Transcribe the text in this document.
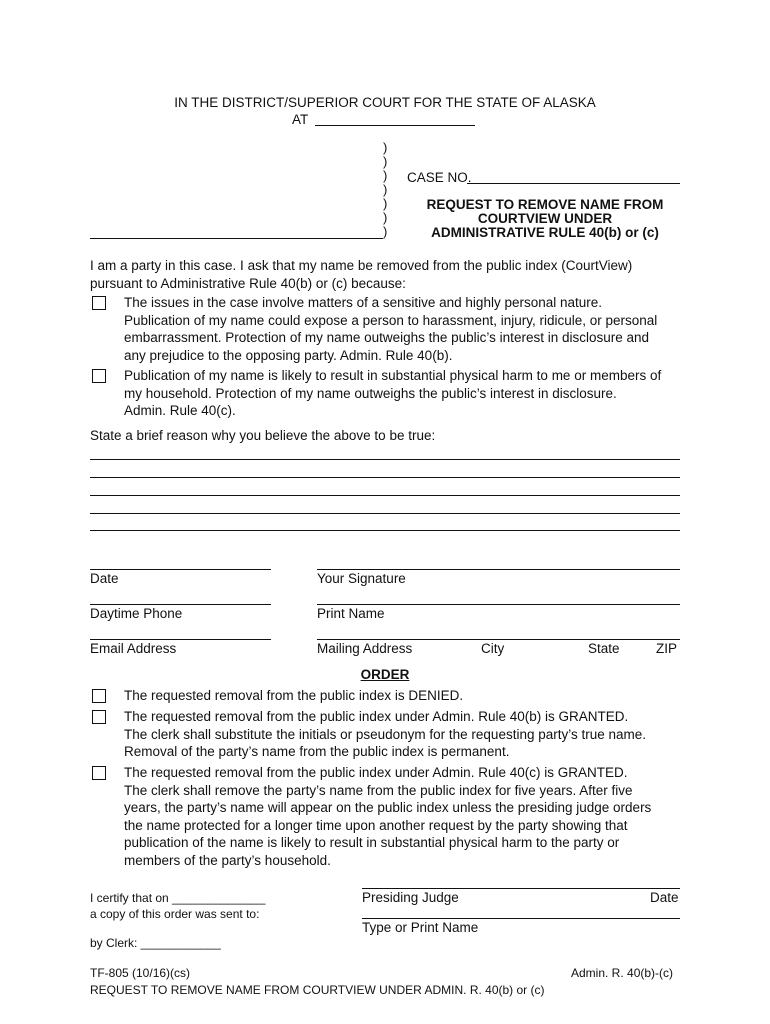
IN THE DISTRICT/SUPERIOR COURT FOR THE STATE OF ALASKA
AT
)
)
)
)
)
)
)
CASE NO.
REQUEST TO REMOVE NAME FROM
COURTVIEW UNDER
ADMINISTRATIVE RULE 40(b) or (c)
I am a party in this case. I ask that my name be removed from the public index (CourtView)
pursuant to Administrative Rule 40(b) or (c) because:
The issues in the case involve matters of a sensitive and highly personal nature.
Publication of my name could expose a person to harassment, injury, ridicule, or personal
embarrassment. Protection of my name outweighs the public’s interest in disclosure and
any prejudice to the opposing party. Admin. Rule 40(b).
Publication of my name is likely to result in substantial physical harm to me or members of
my household. Protection of my name outweighs the public’s interest in disclosure.
Admin. Rule 40(c).
State a brief reason why you believe the above to be true:
Date	Your Signature
Daytime Phone	Print Name
Email Address	Mailing Address	City	State	ZIP
ORDER
The requested removal from the public index is DENIED.
The requested removal from the public index under Admin. Rule 40(b) is GRANTED.
The clerk shall substitute the initials or pseudonym for the requesting party’s true name.
Removal of the party’s name from the public index is permanent.
The requested removal from the public index under Admin. Rule 40(c) is GRANTED.
The clerk shall remove the party’s name from the public index for five years. After five
years, the party’s name will appear on the public index unless the presiding judge orders
the name protected for a longer time upon another request by the party showing that
publication of the name is likely to result in substantial physical harm to the party or
members of the party’s household.
I certify that on ______________
a copy of this order was sent to:
by Clerk: ____________
Presiding Judge	Date
Type or Print Name
TF-805 (10/16)(cs)	Admin. R. 40(b)-(c)
REQUEST TO REMOVE NAME FROM COURTVIEW UNDER ADMIN. R. 40(b) or (c)
